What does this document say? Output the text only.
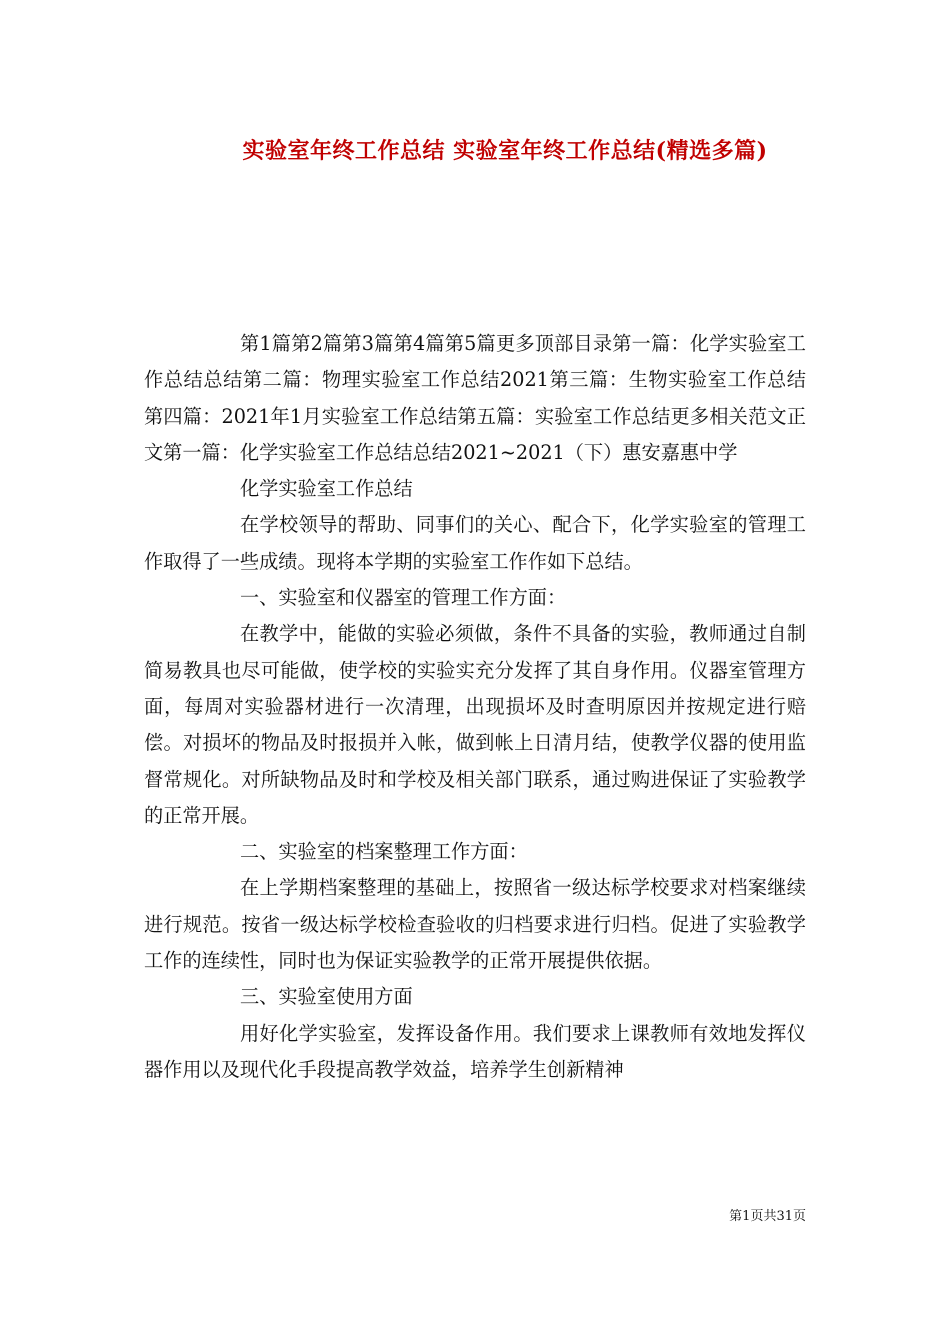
实验室年终工作总结 实验室年终工作总结(精选多篇)

第1篇第2篇第3篇第4篇第5篇更多顶部目录第一篇：化学实验室工作总结总结第二篇：物理实验室工作总结2021第三篇：生物实验室工作总结第四篇：2021年1月实验室工作总结第五篇：实验室工作总结更多相关范文正文第一篇：化学实验室工作总结总结2021~2021（下）惠安嘉惠中学

化学实验室工作总结

在学校领导的帮助、同事们的关心、配合下，化学实验室的管理工作取得了一些成绩。现将本学期的实验室工作作如下总结。

一、实验室和仪器室的管理工作方面：

在教学中，能做的实验必须做，条件不具备的实验，教师通过自制简易教具也尽可能做，使学校的实验实充分发挥了其自身作用。仪器室管理方面，每周对实验器材进行一次清理，出现损坏及时查明原因并按规定进行赔偿。对损坏的物品及时报损并入帐，做到帐上日清月结，使教学仪器的使用监督常规化。对所缺物品及时和学校及相关部门联系，通过购进保证了实验教学的正常开展。

二、实验室的档案整理工作方面：

在上学期档案整理的基础上，按照省一级达标学校要求对档案继续进行规范。按省一级达标学校检查验收的归档要求进行归档。促进了实验教学工作的连续性，同时也为保证实验教学的正常开展提供依据。

三、实验室使用方面

用好化学实验室，发挥设备作用。我们要求上课教师有效地发挥仪器作用以及现代化手段提高教学效益，培养学生创新精神

第1页共31页
